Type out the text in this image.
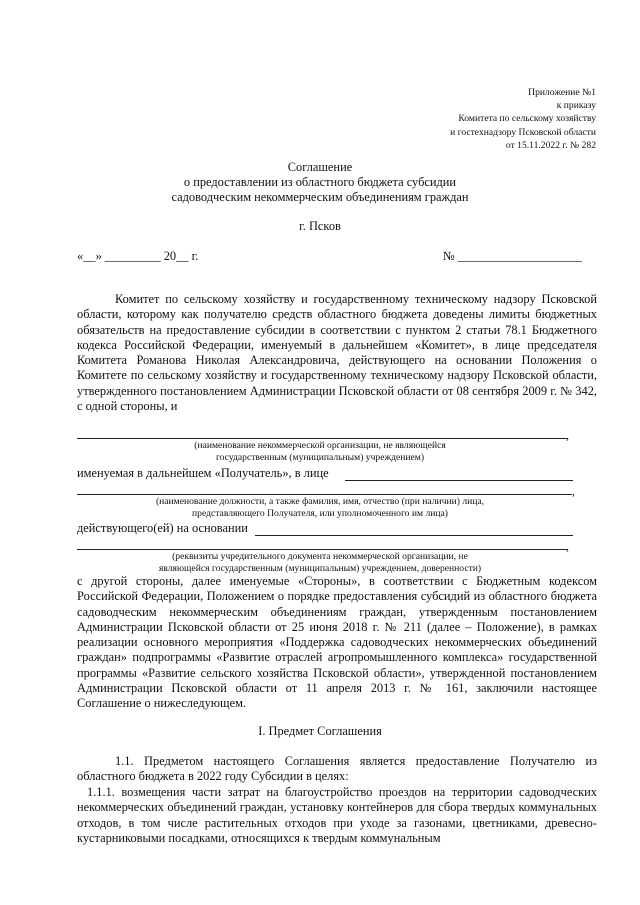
Приложение №1
к приказу
Комитета по сельскому хозяйству
и гостехнадзору Псковской области
от 15.11.2022 г. № 282
Соглашение
о предоставлении из областного бюджета субсидии
садоводческим некоммерческим объединениям граждан
г. Псков
«__» _________ 20__ г.	№ ____________________
Комитет по сельскому хозяйству и государственному техническому надзору Псковской области, которому как получателю средств областного бюджета доведены лимиты бюджетных обязательств на предоставление субсидии в соответствии с пунктом 2 статьи 78.1 Бюджетного кодекса Российской Федерации, именуемый в дальнейшем «Комитет», в лице председателя Комитета Романова Николая Александровича, действующего на основании Положения о Комитете по сельскому хозяйству и государственному техническому надзору Псковской области, утвержденного постановлением Администрации Псковской области от 08 сентября 2009 г. № 342, с одной стороны, и
,
(наименование некоммерческой организации, не являющейся
государственным (муниципальным) учреждением)
именуемая в дальнейшем «Получатель», в лице
,
(наименование должности, а также фамилия, имя, отчество (при наличии) лица,
представляющего Получателя, или уполномоченного им лица)
действующего(ей) на основании
,
(реквизиты учредительного документа некоммерческой организации, не
являющейся государственным (муниципальным) учреждением, доверенности)
с другой стороны, далее именуемые «Стороны», в соответствии с Бюджетным кодексом Российской Федерации, Положением о порядке предоставления субсидий из областного бюджета садоводческим некоммерческим объединениям граждан, утвержденным постановлением Администрации Псковской области от 25 июня 2018 г. № 211 (далее – Положение), в рамках реализации основного мероприятия «Поддержка садоводческих некоммерческих объединений граждан» подпрограммы «Развитие отраслей агропромышленного комплекса» государственной программы «Развитие сельского хозяйства Псковской области», утвержденной постановлением Администрации Псковской области от 11 апреля 2013 г. № 161, заключили настоящее Соглашение о нижеследующем.
I. Предмет Соглашения
1.1. Предметом настоящего Соглашения является предоставление Получателю из областного бюджета в 2022 году Субсидии в целях:
1.1.1. возмещения части затрат на благоустройство проездов на территории садоводческих некоммерческих объединений граждан, установку контейнеров для сбора твердых коммунальных отходов, в том числе растительных отходов при уходе за газонами, цветниками, древесно-кустарниковыми посадками, относящихся к твердым коммунальным
